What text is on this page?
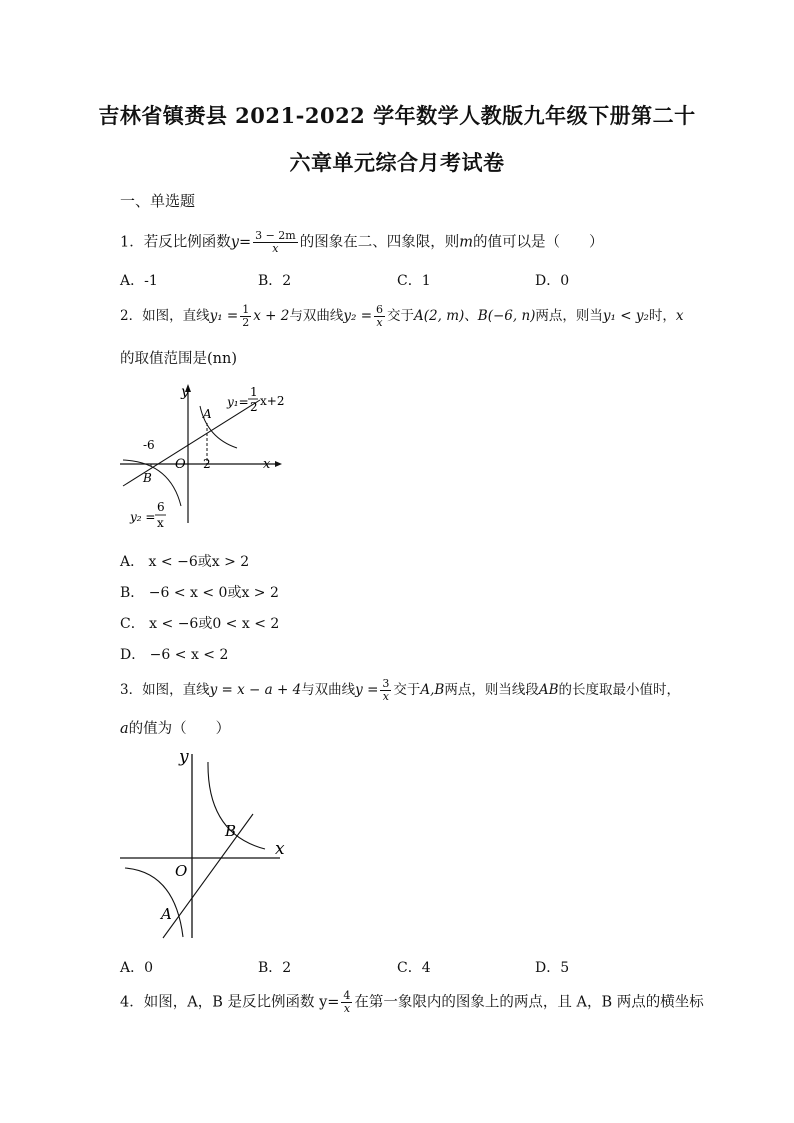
吉林省镇赉县 2021-2022 学年数学人教版九年级下册第二十
六章单元综合月考试卷
一、单选题
1．若反比例函数$y= \frac{3 - 2m}{x}$ 的图象在二、四象限，则m的值可以是（　　）
A．-1	B．2	C．1	D．0
2．如图，直线$y_1 = \frac{1}{2}$ x + 2与双曲线$y_2 = \frac{6}{x}$ 交于A(2, m)、B(−6, n)两点，则当y₁ < y₂时，x
的取值范围是(nn)
y
x
O
A
B
-6
2
y₁=
1
2 x+2
y₂ =
6
x
A． x < −6或x > 2
B． −6 < x < 0或x > 2
C． x < −6或0 < x < 2
D． −6 < x < 2
3．如图，直线y = x − a + 4与双曲线$y = \frac{3}{x}$ 交于A,B两点，则当线段AB的长度取最小值时，
a的值为（　　）
y
x
O
B
A
A．0	B．2	C．4	D．5
4．如图，A，B 是反比例函数 $y= \frac{4}{x}$ 在第一象限内的图象上的两点，且 A，B 两点的横坐标
